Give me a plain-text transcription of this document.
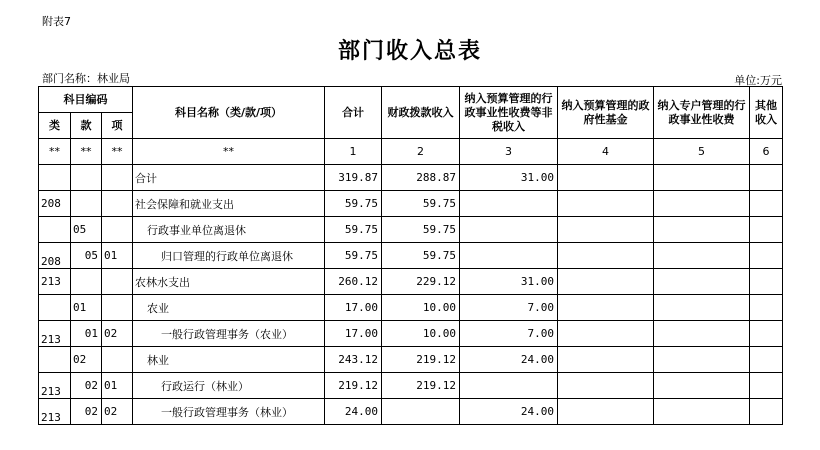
附表7
部门收入总表
部门名称：林业局	单位:万元
科目编码			科目名称（类/款/项）	合计	财政拨款收入	纳入预算管理的行政事业性收费等非税收入	纳入预算管理的政府性基金	纳入专户管理的行政事业性收费	其他收入
类	款	项							
**	**	**	**	1	2	3	4	5	6
			合计	319.87	288.87	31.00			
208			社会保障和就业支出	59.75	59.75				
	05		行政事业单位离退休	59.75	59.75				
208	05	01	归口管理的行政单位离退休	59.75	59.75				
213			农林水支出	260.12	229.12	31.00			
	01		农业	17.00	10.00	7.00			
213	01	02	一般行政管理事务（农业）	17.00	10.00	7.00			
	02		林业	243.12	219.12	24.00			
213	02	01	行政运行（林业）	219.12	219.12				
213	02	02	一般行政管理事务（林业）	24.00		24.00			
